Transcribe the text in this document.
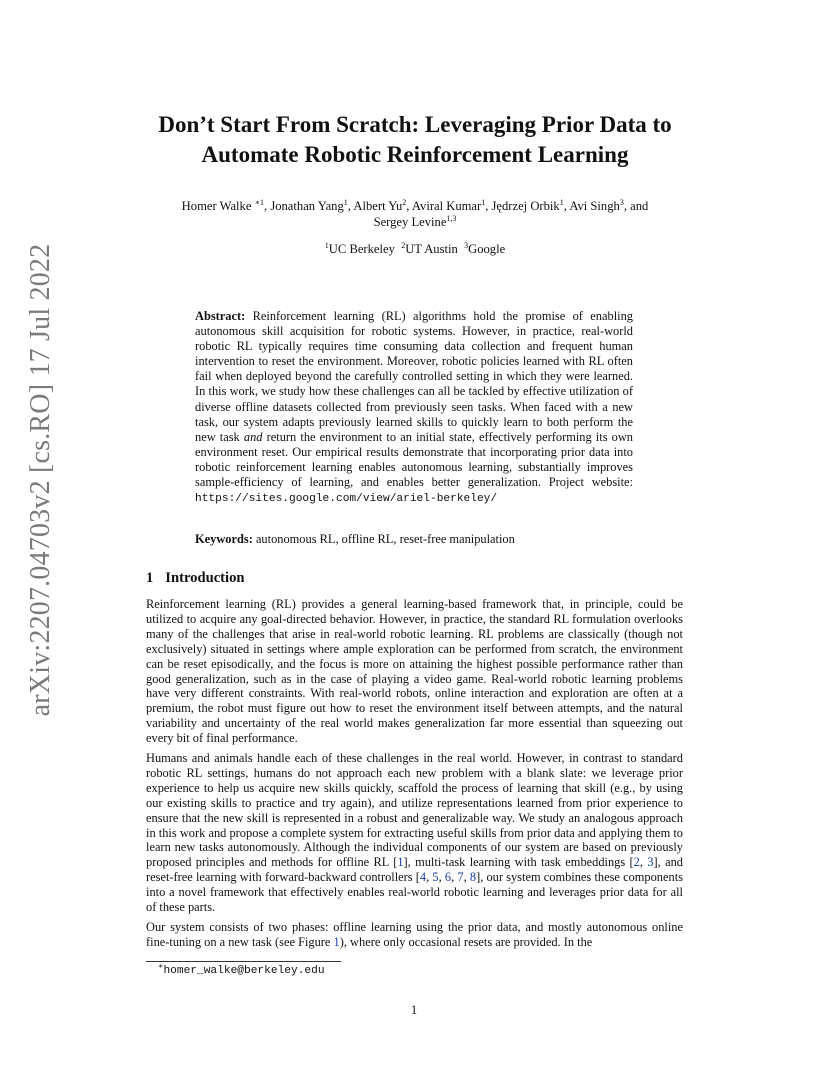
arXiv:2207.04703v2 [cs.RO] 17 Jul 2022
Don’t Start From Scratch: Leveraging Prior Data to
Automate Robotic Reinforcement Learning

Homer Walke $^{∗1}$, Jonathan Yang$^1$, Albert Yu$^2$, Aviral Kumar$^1$, Jędrzej Orbik$^1$, Avi Singh$^3$, and
Sergey Levine$^{1,3}$

$^1$UC Berkeley $^2$UT Austin $^3$Google

Abstract: Reinforcement learning (RL) algorithms hold the promise of enabling autonomous skill acquisition for robotic systems. However, in practice, real-world robotic RL typically requires time consuming data collection and frequent human intervention to reset the environment. Moreover, robotic policies learned with RL often fail when deployed beyond the carefully controlled setting in which they were learned. In this work, we study how these challenges can all be tackled by effective utilization of diverse offline datasets collected from previously seen tasks. When faced with a new task, our system adapts previously learned skills to quickly learn to both perform the new task and return the environment to an initial state, effectively performing its own environment reset. Our empirical results demonstrate that incorporating prior data into robotic reinforcement learning enables autonomous learning, substantially improves sample-efficiency of learning, and enables better generalization. Project website: https://sites.google.com/view/ariel-berkeley/

Keywords: autonomous RL, offline RL, reset-free manipulation

1 Introduction

Reinforcement learning (RL) provides a general learning-based framework that, in principle, could be utilized to acquire any goal-directed behavior. However, in practice, the standard RL formulation overlooks many of the challenges that arise in real-world robotic learning. RL problems are classically (though not exclusively) situated in settings where ample exploration can be performed from scratch, the environment can be reset episodically, and the focus is more on attaining the highest possible performance rather than good generalization, such as in the case of playing a video game. Real-world robotic learning problems have very different constraints. With real-world robots, online interaction and exploration are often at a premium, the robot must figure out how to reset the environment itself between attempts, and the natural variability and uncertainty of the real world makes generalization far more essential than squeezing out every bit of final performance.

Humans and animals handle each of these challenges in the real world. However, in contrast to standard robotic RL settings, humans do not approach each new problem with a blank slate: we leverage prior experience to help us acquire new skills quickly, scaffold the process of learning that skill (e.g., by using our existing skills to practice and try again), and utilize representations learned from prior experience to ensure that the new skill is represented in a robust and generalizable way. We study an analogous approach in this work and propose a complete system for extracting useful skills from prior data and applying them to learn new tasks autonomously. Although the individual components of our system are based on previously proposed principles and methods for offline RL [1], multi-task learning with task embeddings [2, 3], and reset-free learning with forward-backward controllers [4, 5, 6, 7, 8], our system combines these components into a novel framework that effectively enables real-world robotic learning and leverages prior data for all of these parts.

Our system consists of two phases: offline learning using the prior data, and mostly autonomous online fine-tuning on a new task (see Figure 1), where only occasional resets are provided. In the

∗homer_walke@berkeley.edu

1
